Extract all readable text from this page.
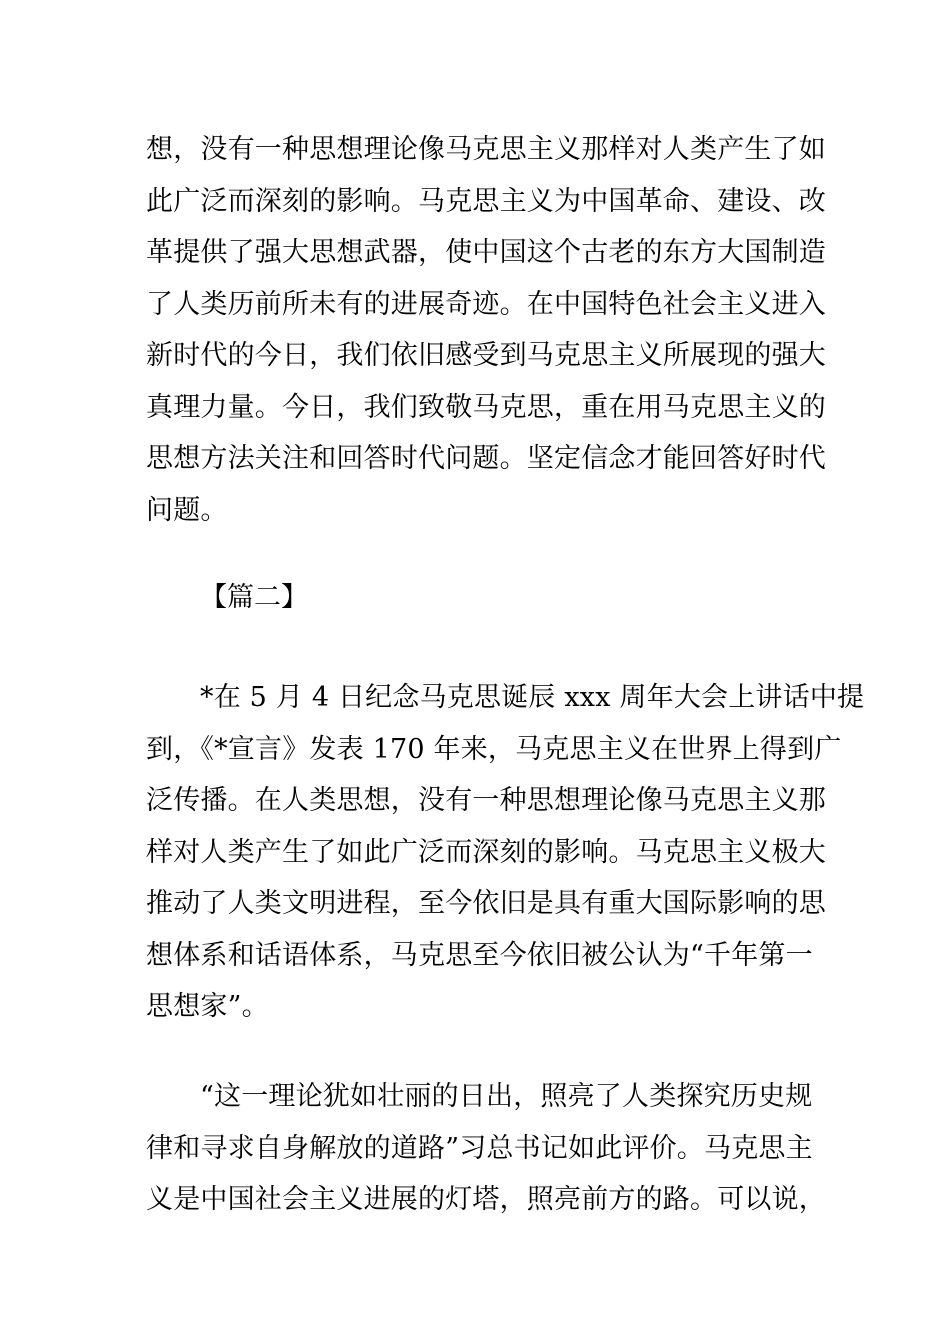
想，没有一种思想理论像马克思主义那样对人类产生了如
此广泛而深刻的影响。马克思主义为中国革命、建设、改
革提供了强大思想武器，使中国这个古老的东方大国制造
了人类历前所未有的进展奇迹。在中国特色社会主义进入
新时代的今日，我们依旧感受到马克思主义所展现的强大
真理力量。今日，我们致敬马克思，重在用马克思主义的
思想方法关注和回答时代问题。坚定信念才能回答好时代
问题。
【篇二】
*在 5 月 4 日纪念马克思诞辰 xxx 周年大会上讲话中提
到，《*宣言》发表 170 年来，马克思主义在世界上得到广
泛传播。在人类思想，没有一种思想理论像马克思主义那
样对人类产生了如此广泛而深刻的影响。马克思主义极大
推动了人类文明进程，至今依旧是具有重大国际影响的思
想体系和话语体系，马克思至今依旧被公认为“千年第一
思想家”。
“这一理论犹如壮丽的日出，照亮了人类探究历史规
律和寻求自身解放的道路”习总书记如此评价。马克思主
义是中国社会主义进展的灯塔，照亮前方的路。可以说，
